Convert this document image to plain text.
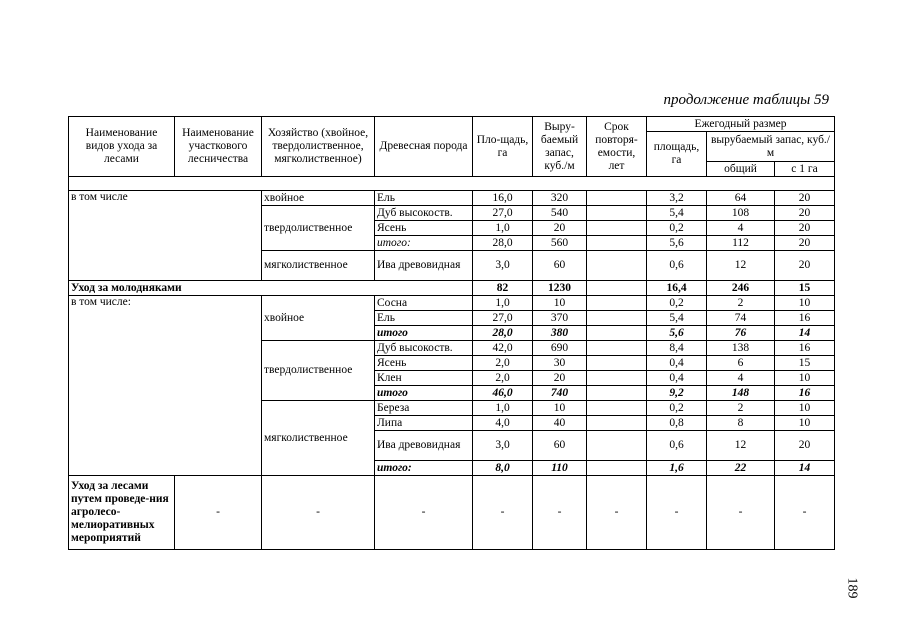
продолжение таблицы 59
Наименование видов ухода за лесами	Наименование участкового лесничества	Хозяйство (хвойное, твердолиственное, мягколиственное)	Древесная порода	Пло-щадь, га	Выру-баемый запас, куб./м	Срок повторя-емости, лет	Ежегодный размер		
							площадь, га	вырубаемый запас, куб./м	
								общий	с 1 га

в том числе		хвойное	Ель	16,0	320		3,2	64	20
		твердолиственное	Дуб высокоств.	27,0	540		5,4	108	20
			Ясень	1,0	20		0,2	4	20
			итого:	28,0	560		5,6	112	20
		мягколиственное	Ива древовидная	3,0	60		0,6	12	20
Уход за молодняками				82	1230		16,4	246	15
в том числе:		хвойное	Сосна	1,0	10		0,2	2	10
			Ель	27,0	370		5,4	74	16
			итого	28,0	380		5,6	76	14
		твердолиственное	Дуб высокоств.	42,0	690		8,4	138	16
			Ясень	2,0	30		0,4	6	15
			Клен	2,0	20		0,4	4	10
			итого	46,0	740		9,2	148	16
		мягколиственное	Береза	1,0	10		0,2	2	10
			Липа	4,0	40		0,8	8	10
			Ива древовидная	3,0	60		0,6	12	20
			итого:	8,0	110		1,6	22	14
Уход за лесами путем проведе-ния агролесо-мелиоративных мероприятий	-	-	-	-	-	-	-	-	-
189
